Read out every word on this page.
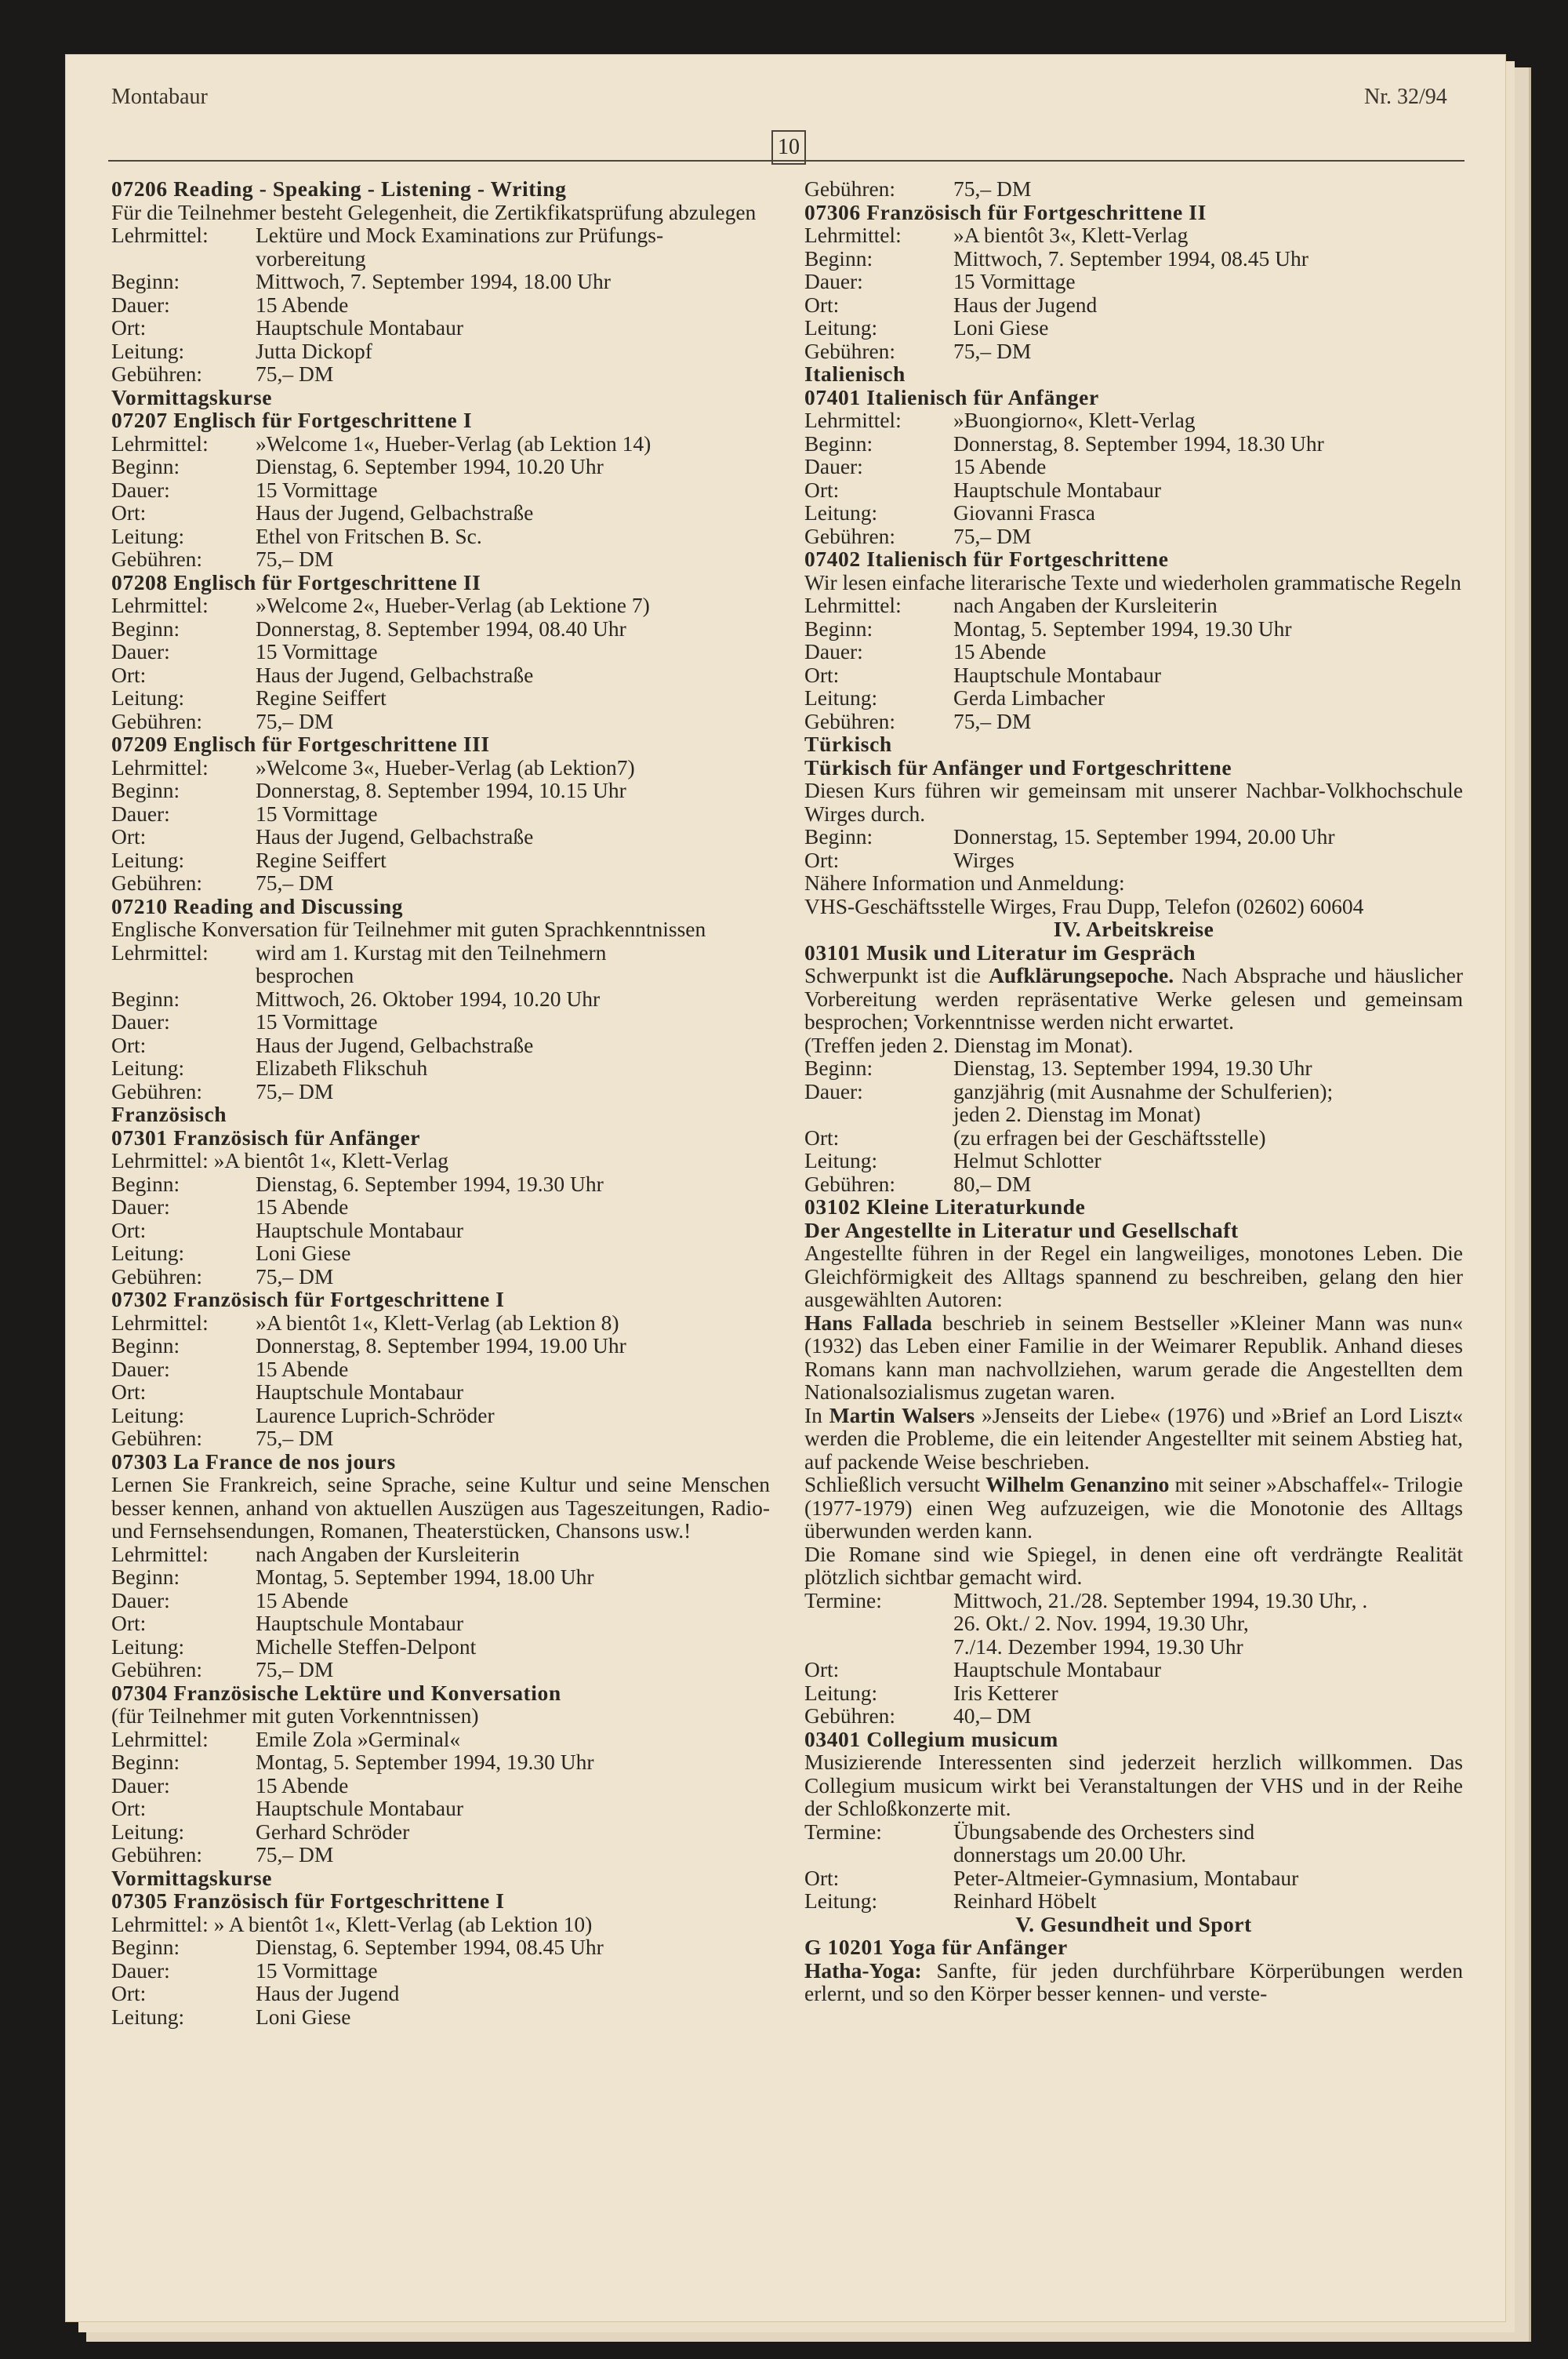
Montabaur
10
Nr. 32/94
07206 Reading - Speaking - Listening - Writing
Für die Teilnehmer besteht Gelegenheit, die Zertikfikatsprüfung abzulegen
Lehrmittel:	Lektüre und Mock Examinations zur Prüfungs-
vorbereitung
Beginn:	Mittwoch, 7. September 1994, 18.00 Uhr
Dauer:	15 Abende
Ort:	Hauptschule Montabaur
Leitung:	Jutta Dickopf
Gebühren:	75,– DM
Vormittagskurse
07207 Englisch für Fortgeschrittene I
Lehrmittel:	»Welcome 1«, Hueber-Verlag (ab Lektion 14)
Beginn:	Dienstag, 6. September 1994, 10.20 Uhr
Dauer:	15 Vormittage
Ort:	Haus der Jugend, Gelbachstraße
Leitung:	Ethel von Fritschen B. Sc.
Gebühren:	75,– DM
07208 Englisch für Fortgeschrittene II
Lehrmittel:	»Welcome 2«, Hueber-Verlag (ab Lektione 7)
Beginn:	Donnerstag, 8. September 1994, 08.40 Uhr
Dauer:	15 Vormittage
Ort:	Haus der Jugend, Gelbachstraße
Leitung:	Regine Seiffert
Gebühren:	75,– DM
07209 Englisch für Fortgeschrittene III
Lehrmittel:	»Welcome 3«, Hueber-Verlag (ab Lektion7)
Beginn:	Donnerstag, 8. September 1994, 10.15 Uhr
Dauer:	15 Vormittage
Ort:	Haus der Jugend, Gelbachstraße
Leitung:	Regine Seiffert
Gebühren:	75,– DM
07210 Reading and Discussing
Englische Konversation für Teilnehmer mit guten Sprachkenntnissen
Lehrmittel:	wird am 1. Kurstag mit den Teilnehmern
besprochen
Beginn:	Mittwoch, 26. Oktober 1994, 10.20 Uhr
Dauer:	15 Vormittage
Ort:	Haus der Jugend, Gelbachstraße
Leitung:	Elizabeth Flikschuh
Gebühren:	75,– DM
Französisch
07301 Französisch für Anfänger
Lehrmittel: »A bientôt 1«, Klett-Verlag
Beginn:	Dienstag, 6. September 1994, 19.30 Uhr
Dauer:	15 Abende
Ort:	Hauptschule Montabaur
Leitung:	Loni Giese
Gebühren:	75,– DM
07302 Französisch für Fortgeschrittene I
Lehrmittel:	»A bientôt 1«, Klett-Verlag (ab Lektion 8)
Beginn:	Donnerstag, 8. September 1994, 19.00 Uhr
Dauer:	15 Abende
Ort:	Hauptschule Montabaur
Leitung:	Laurence Luprich-Schröder
Gebühren:	75,– DM
07303 La France de nos jours
Lernen Sie Frankreich, seine Sprache, seine Kultur und seine Menschen besser kennen, anhand von aktuellen Auszügen aus Tageszeitungen, Radio- und Fernsehsendungen, Romanen, Theaterstücken, Chansons usw.!
Lehrmittel:	nach Angaben der Kursleiterin
Beginn:	Montag, 5. September 1994, 18.00 Uhr
Dauer:	15 Abende
Ort:	Hauptschule Montabaur
Leitung:	Michelle Steffen-Delpont
Gebühren:	75,– DM
07304 Französische Lektüre und Konversation
(für Teilnehmer mit guten Vorkenntnissen)
Lehrmittel:	Emile Zola »Germinal«
Beginn:	Montag, 5. September 1994, 19.30 Uhr
Dauer:	15 Abende
Ort:	Hauptschule Montabaur
Leitung:	Gerhard Schröder
Gebühren:	75,– DM
Vormittagskurse
07305 Französisch für Fortgeschrittene I
Lehrmittel: » A bientôt 1«, Klett-Verlag (ab Lektion 10)
Beginn:	Dienstag, 6. September 1994, 08.45 Uhr
Dauer:	15 Vormittage
Ort:	Haus der Jugend
Leitung:	Loni Giese
Gebühren:	75,– DM
07306 Französisch für Fortgeschrittene II
Lehrmittel:	»A bientôt 3«, Klett-Verlag
Beginn:	Mittwoch, 7. September 1994, 08.45 Uhr
Dauer:	15 Vormittage
Ort:	Haus der Jugend
Leitung:	Loni Giese
Gebühren:	75,– DM
Italienisch
07401 Italienisch für Anfänger
Lehrmittel:	»Buongiorno«, Klett-Verlag
Beginn:	Donnerstag, 8. September 1994, 18.30 Uhr
Dauer:	15 Abende
Ort:	Hauptschule Montabaur
Leitung:	Giovanni Frasca
Gebühren:	75,– DM
07402 Italienisch für Fortgeschrittene
Wir lesen einfache literarische Texte und wiederholen grammatische Regeln
Lehrmittel:	nach Angaben der Kursleiterin
Beginn:	Montag, 5. September 1994, 19.30 Uhr
Dauer:	15 Abende
Ort:	Hauptschule Montabaur
Leitung:	Gerda Limbacher
Gebühren:	75,– DM
Türkisch
Türkisch für Anfänger und Fortgeschrittene
Diesen Kurs führen wir gemeinsam mit unserer Nachbar-Volkhochschule Wirges durch.
Beginn:	Donnerstag, 15. September 1994, 20.00 Uhr
Ort:	Wirges
Nähere Information und Anmeldung:
VHS-Geschäftsstelle Wirges, Frau Dupp, Telefon (02602) 60604
IV. Arbeitskreise
03101 Musik und Literatur im Gespräch
Schwerpunkt ist die Aufklärungsepoche. Nach Absprache und häuslicher Vorbereitung werden repräsentative Werke gelesen und gemeinsam besprochen; Vorkenntnisse werden nicht erwartet.
(Treffen jeden 2. Dienstag im Monat).
Beginn:	Dienstag, 13. September 1994, 19.30 Uhr
Dauer:	ganzjährig (mit Ausnahme der Schulferien);
jeden 2. Dienstag im Monat)
Ort:	(zu erfragen bei der Geschäftsstelle)
Leitung:	Helmut Schlotter
Gebühren:	80,– DM
03102 Kleine Literaturkunde
Der Angestellte in Literatur und Gesellschaft
Angestellte führen in der Regel ein langweiliges, monotones Leben. Die Gleichförmigkeit des Alltags spannend zu beschreiben, gelang den hier ausgewählten Autoren:
Hans Fallada beschrieb in seinem Bestseller »Kleiner Mann was nun« (1932) das Leben einer Familie in der Weimarer Republik. Anhand dieses Romans kann man nachvollziehen, warum gerade die Angestellten dem Nationalsozialismus zugetan waren.
In Martin Walsers »Jenseits der Liebe« (1976) und »Brief an Lord Liszt« werden die Probleme, die ein leitender Angestellter mit seinem Abstieg hat, auf packende Weise beschrieben.
Schließlich versucht Wilhelm Genanzino mit seiner »Abschaffel«- Trilogie (1977-1979) einen Weg aufzuzeigen, wie die Monotonie des Alltags überwunden werden kann.
Die Romane sind wie Spiegel, in denen eine oft verdrängte Realität plötzlich sichtbar gemacht wird.
Termine:	Mittwoch, 21./28. September 1994, 19.30 Uhr, .
26. Okt./ 2. Nov. 1994, 19.30 Uhr,
7./14. Dezember 1994, 19.30 Uhr
Ort:	Hauptschule Montabaur
Leitung:	Iris Ketterer
Gebühren:	40,– DM
03401 Collegium musicum
Musizierende Interessenten sind jederzeit herzlich willkommen. Das Collegium musicum wirkt bei Veranstaltungen der VHS und in der Reihe der Schloßkonzerte mit.
Termine:	Übungsabende des Orchesters sind
donnerstags um 20.00 Uhr.
Ort:	Peter-Altmeier-Gymnasium, Montabaur
Leitung:	Reinhard Höbelt
V. Gesundheit und Sport
G 10201 Yoga für Anfänger
Hatha-Yoga: Sanfte, für jeden durchführbare Körperübungen werden erlernt, und so den Körper besser kennen- und verste-
